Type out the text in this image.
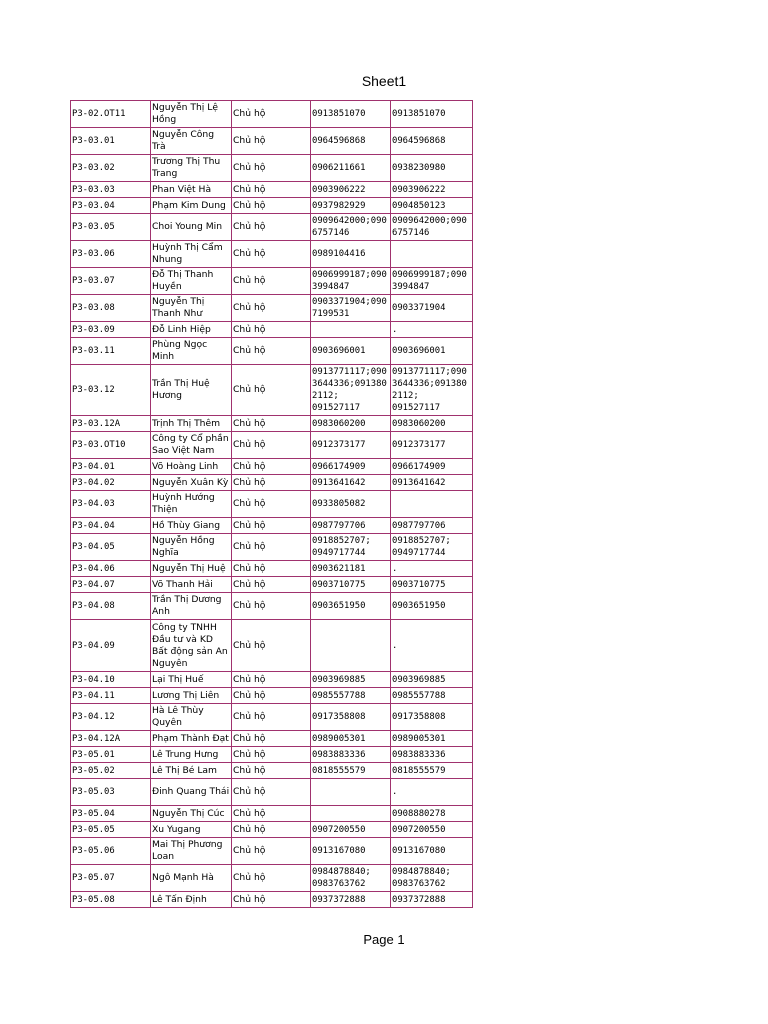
Sheet1
P3-02.OT11	Nguyễn Thị Lệ Hồng	Chủ hộ	0913851070	0913851070
P3-03.01	Nguyễn Công Trà	Chủ hộ	0964596868	0964596868
P3-03.02	Trương Thị Thu Trang	Chủ hộ	0906211661	0938230980
P3-03.03	Phan Việt Hà	Chủ hộ	0903906222	0903906222
P3-03.04	Phạm Kim Dung	Chủ hộ	0937982929	0904850123
P3-03.05	Choi Young Min	Chủ hộ	0909642000;0906757146	0909642000;0906757146
P3-03.06	Huỳnh Thị Cẩm Nhung	Chủ hộ	0989104416	
P3-03.07	Đỗ Thị Thanh Huyền	Chủ hộ	0906999187;0903994847	0906999187;0903994847
P3-03.08	Nguyễn Thị Thanh Như	Chủ hộ	0903371904;0907199531	0903371904
P3-03.09	Đỗ Linh Hiệp	Chủ hộ		.
P3-03.11	Phùng Ngọc Minh	Chủ hộ	0903696001	0903696001
P3-03.12	Trần Thị Huệ Hương	Chủ hộ	0913771117;0903644336;0913802112; 091527117	0913771117;0903644336;0913802112; 091527117
P3-03.12A	Trịnh Thị Thêm	Chủ hộ	0983060200	0983060200
P3-03.OT10	Công ty Cổ phần Sao Việt Nam	Chủ hộ	0912373177	0912373177
P3-04.01	Võ Hoàng Linh	Chủ hộ	0966174909	0966174909
P3-04.02	Nguyễn Xuân Kỳ	Chủ hộ	0913641642	0913641642
P3-04.03	Huỳnh Hướng Thiện	Chủ hộ	0933805082	
P3-04.04	Hồ Thùy Giang	Chủ hộ	0987797706	0987797706
P3-04.05	Nguyễn Hồng Nghĩa	Chủ hộ	0918852707; 0949717744	0918852707; 0949717744
P3-04.06	Nguyễn Thị Huệ	Chủ hộ	0903621181	.
P3-04.07	Võ Thanh Hải	Chủ hộ	0903710775	0903710775
P3-04.08	Trần Thị Dương Anh	Chủ hộ	0903651950	0903651950
P3-04.09	Công ty TNHH Đầu tư và KD Bất động sản An Nguyên	Chủ hộ		.
P3-04.10	Lại Thị Huế	Chủ hộ	0903969885	0903969885
P3-04.11	Lương Thị Liên	Chủ hộ	0985557788	0985557788
P3-04.12	Hà Lê Thùy Quyên	Chủ hộ	0917358808	0917358808
P3-04.12A	Phạm Thành Đạt	Chủ hộ	0989005301	0989005301
P3-05.01	Lê Trung Hưng	Chủ hộ	0983883336	0983883336
P3-05.02	Lê Thị Bé Lam	Chủ hộ	0818555579	0818555579
P3-05.03	Đinh Quang Thái	Chủ hộ		.
P3-05.04	Nguyễn Thị Cúc	Chủ hộ		0908880278
P3-05.05	Xu Yugang	Chủ hộ	0907200550	0907200550
P3-05.06	Mai Thị Phương Loan	Chủ hộ	0913167080	0913167080
P3-05.07	Ngô Mạnh Hà	Chủ hộ	0984878840; 0983763762	0984878840; 0983763762
P3-05.08	Lê Tấn Định	Chủ hộ	0937372888	0937372888
Page 1
